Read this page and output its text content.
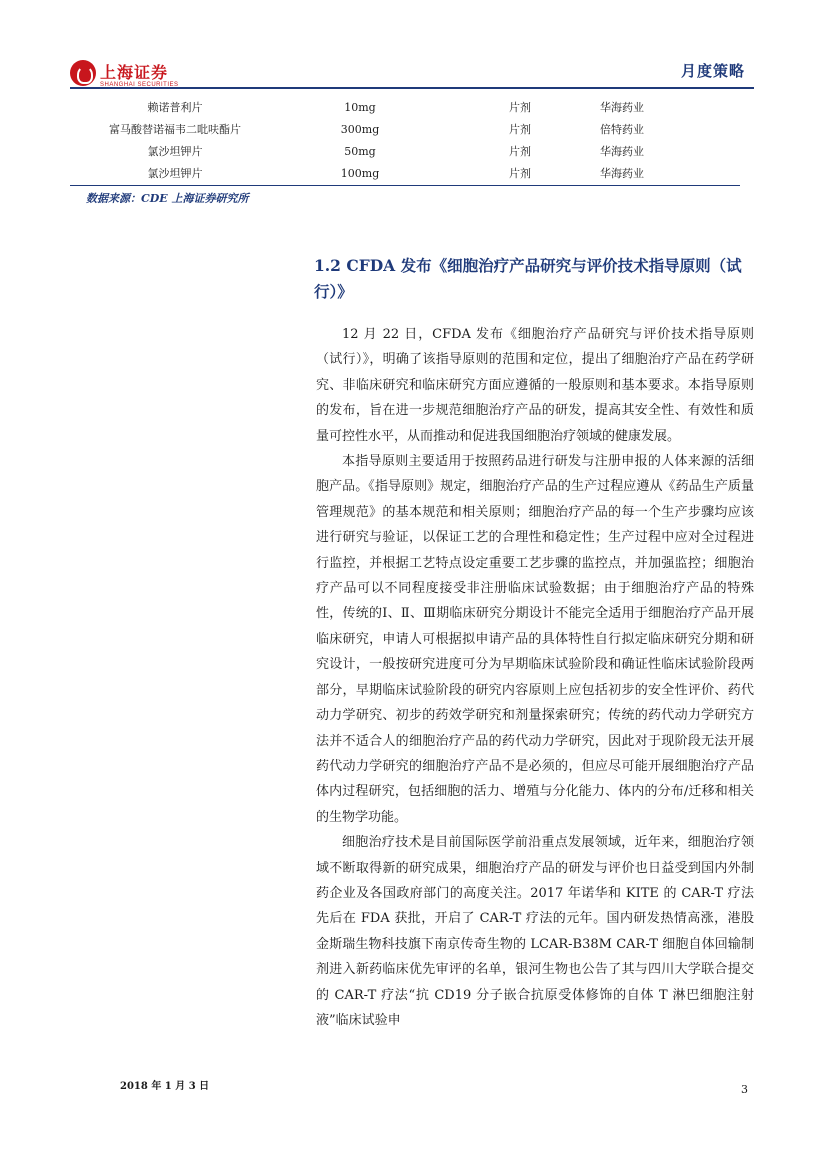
上海证券
SHANGHAI SECURITIES
月度策略
赖诺普利片	10mg	片剂	华海药业
富马酸替诺福韦二吡呋酯片	300mg	片剂	倍特药业
氯沙坦钾片	50mg	片剂	华海药业
氯沙坦钾片	100mg	片剂	华海药业
数据来源：CDE 上海证券研究所
1.2 CFDA 发布《细胞治疗产品研究与评价技术指导原则（试行）》

12 月 22 日，CFDA 发布《细胞治疗产品研究与评价技术指导原则（试行）》，明确了该指导原则的范围和定位，提出了细胞治疗产品在药学研究、非临床研究和临床研究方面应遵循的一般原则和基本要求。本指导原则的发布，旨在进一步规范细胞治疗产品的研发，提高其安全性、有效性和质量可控性水平，从而推动和促进我国细胞治疗领域的健康发展。

本指导原则主要适用于按照药品进行研发与注册申报的人体来源的活细胞产品。《指导原则》规定，细胞治疗产品的生产过程应遵从《药品生产质量管理规范》的基本规范和相关原则；细胞治疗产品的每一个生产步骤均应该进行研究与验证，以保证工艺的合理性和稳定性；生产过程中应对全过程进行监控，并根据工艺特点设定重要工艺步骤的监控点，并加强监控；细胞治疗产品可以不同程度接受非注册临床试验数据；由于细胞治疗产品的特殊性，传统的Ⅰ、Ⅱ、Ⅲ期临床研究分期设计不能完全适用于细胞治疗产品开展临床研究，申请人可根据拟申请产品的具体特性自行拟定临床研究分期和研究设计，一般按研究进度可分为早期临床试验阶段和确证性临床试验阶段两部分，早期临床试验阶段的研究内容原则上应包括初步的安全性评价、药代动力学研究、初步的药效学研究和剂量探索研究；传统的药代动力学研究方法并不适合人的细胞治疗产品的药代动力学研究，因此对于现阶段无法开展药代动力学研究的细胞治疗产品不是必须的，但应尽可能开展细胞治疗产品体内过程研究，包括细胞的活力、增殖与分化能力、体内的分布/迁移和相关的生物学功能。

细胞治疗技术是目前国际医学前沿重点发展领域，近年来，细胞治疗领域不断取得新的研究成果，细胞治疗产品的研发与评价也日益受到国内外制药企业及各国政府部门的高度关注。2017 年诺华和 KITE 的 CAR-T 疗法先后在 FDA 获批，开启了 CAR-T 疗法的元年。国内研发热情高涨，港股金斯瑞生物科技旗下南京传奇生物的 LCAR-B38M CAR-T 细胞自体回输制剂进入新药临床优先审评的名单，银河生物也公告了其与四川大学联合提交的 CAR-T 疗法“抗 CD19 分子嵌合抗原受体修饰的自体 T 淋巴细胞注射液”临床试验申

2018 年 1 月 3 日	3
